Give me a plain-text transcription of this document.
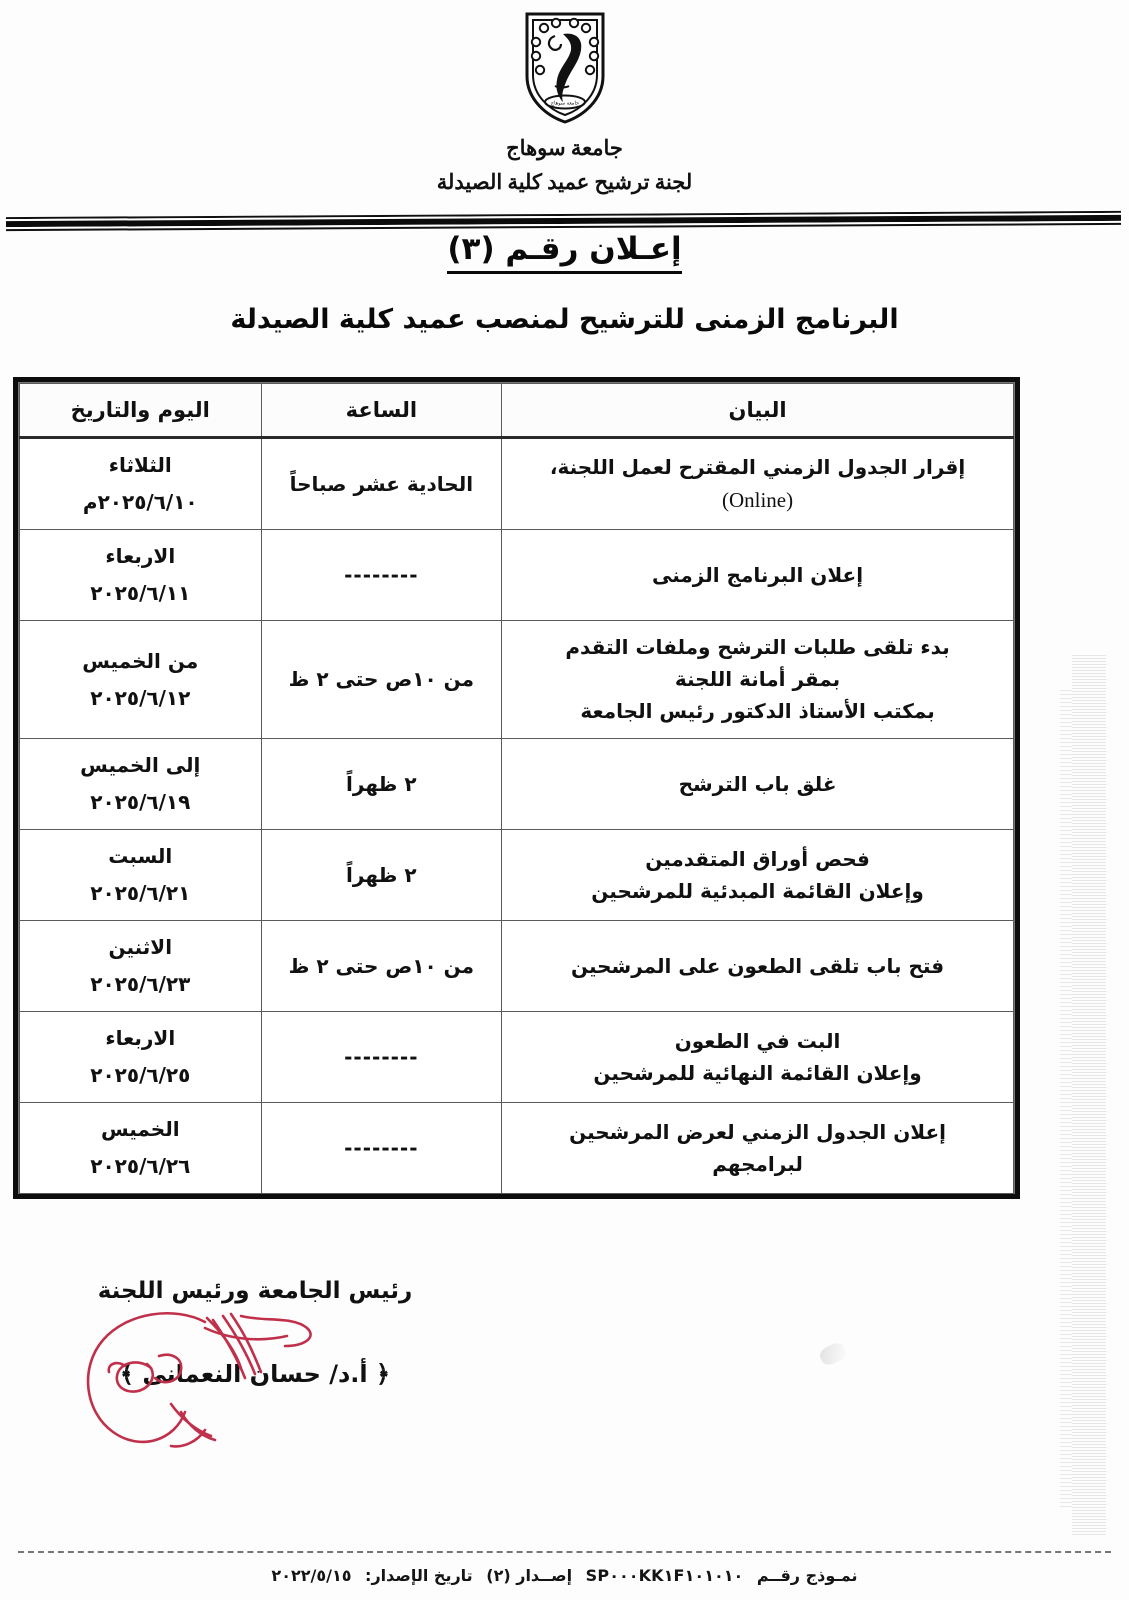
جامعة سوهاج
جامعة سوهاج
لجنة ترشيح عميد كلية الصيدلة
إعـلان رقـم (٣)
البرنامج الزمنى للترشيح لمنصب عميد كلية الصيدلة
البيان	الساعة	اليوم والتاريخ

إقرار الجدول الزمني المقترح لعمل اللجنة،
(Online)	الحادية عشر صباحاً	الثلاثاء
٢٠٢٥/٦/١٠م

إعلان البرنامج الزمنى	--------	الاربعاء
٢٠٢٥/٦/١١

بدء تلقى طلبات الترشح وملفات التقدم
بمقر أمانة اللجنة
بمكتب الأستاذ الدكتور رئيس الجامعة	من ١٠ص حتى ٢ ظ	من الخميس
٢٠٢٥/٦/١٢

غلق باب الترشح	٢ ظهراً	إلى الخميس
٢٠٢٥/٦/١٩

فحص أوراق المتقدمين
وإعلان القائمة المبدئية للمرشحين	٢ ظهراً	السبت
٢٠٢٥/٦/٢١

فتح باب تلقى الطعون على المرشحين	من ١٠ص حتى ٢ ظ	الاثنين
٢٠٢٥/٦/٢٣

البت في الطعون
وإعلان القائمة النهائية للمرشحين	--------	الاربعاء
٢٠٢٥/٦/٢٥

إعلان الجدول الزمني لعرض المرشحين
لبرامجهم	--------	الخميس
٢٠٢٥/٦/٢٦
رئيس الجامعة ورئيس اللجنة
﴿ أ.د/ حسان النعمانى ﴾
نمـوذج رقــم SP۰۰۰KK۱F۱۰۱۰۱۰ إصــدار (٢) تاريخ الإصدار: ٢٠٢٢/٥/١٥
